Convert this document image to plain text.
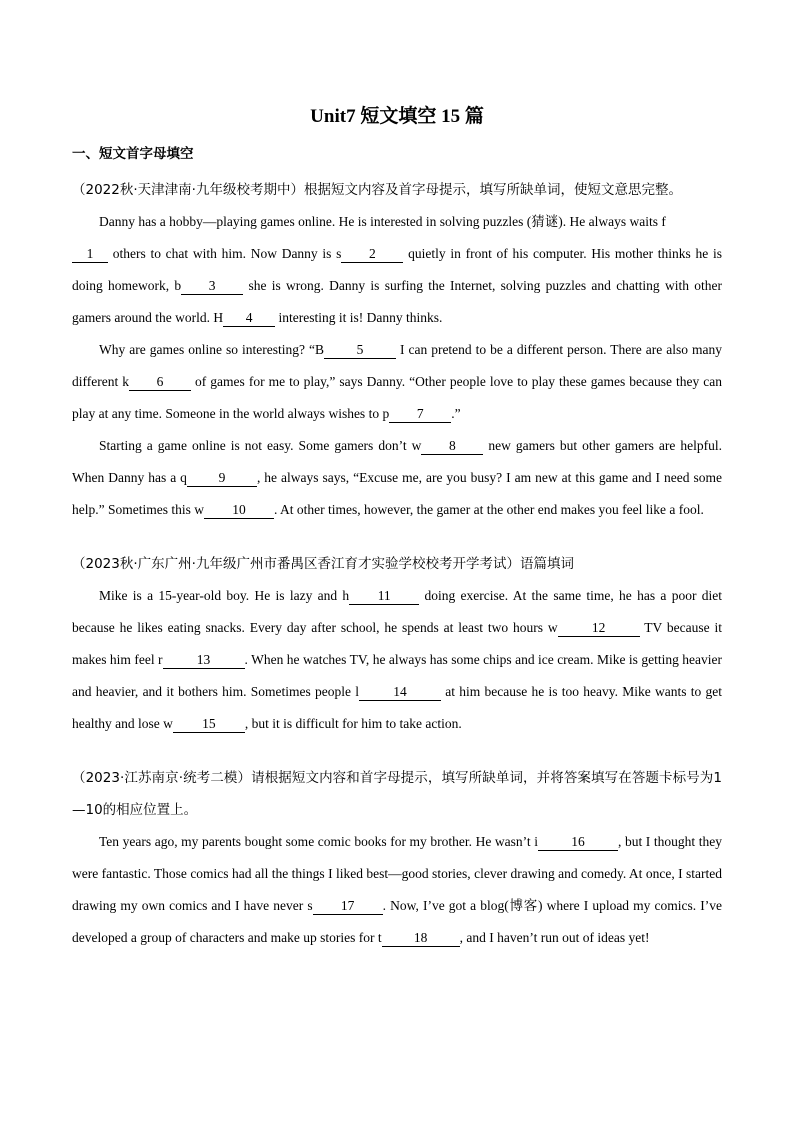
Unit7 短文填空 15 篇
一、短文首字母填空
（2022秋·天津津南·九年级校考期中）根据短文内容及首字母提示，填写所缺单词，使短文意思完整。

Danny has a hobby—playing games online. He is interested in solving puzzles (猜谜). He always waits f
1 others to chat with him. Now Danny is s 2 quietly in front of his computer. His mother thinks he is doing homework, b 3 she is wrong. Danny is surfing the Internet, solving puzzles and chatting with other gamers around the world. H 4 interesting it is! Danny thinks.

Why are games online so interesting? “B 5 I can pretend to be a different person. There are also many different k 6 of games for me to play,” says Danny. “Other people love to play these games because they can play at any time. Someone in the world always wishes to p 7 .”

Starting a game online is not easy. Some gamers don’t w 8 new gamers but other gamers are helpful. When Danny has a q 9 , he always says, “Excuse me, are you busy? I am new at this game and I need some help.” Sometimes this w 10 . At other times, however, the gamer at the other end makes you feel like a fool.

（2023秋·广东广州·九年级广州市番禺区香江育才实验学校校考开学考试）语篇填词

Mike is a 15-year-old boy. He is lazy and h 11 doing exercise. At the same time, he has a poor diet because he likes eating snacks. Every day after school, he spends at least two hours w	12	TV because it makes him feel r	13	. When he watches TV, he always has some chips and ice cream. Mike is getting heavier and heavier, and it bothers him. Sometimes people l	14	at him because he is too heavy. Mike wants to get healthy and lose w 15 , but it is difficult for him to take action.

（2023·江苏南京·统考二模）请根据短文内容和首字母提示，填写所缺单词，并将答案填写在答题卡标号为1—10的相应位置上。

Ten years ago, my parents bought some comic books for my brother. He wasn’t i 16 , but I thought they were fantastic. Those comics had all the things I liked best—good stories, clever drawing and comedy. At once, I started drawing my own comics and I have never s 17 . Now, I’ve got a blog(博客) where I upload my comics. I’ve developed a group of characters and make up stories for t 18 , and I haven’t run out of ideas yet!
